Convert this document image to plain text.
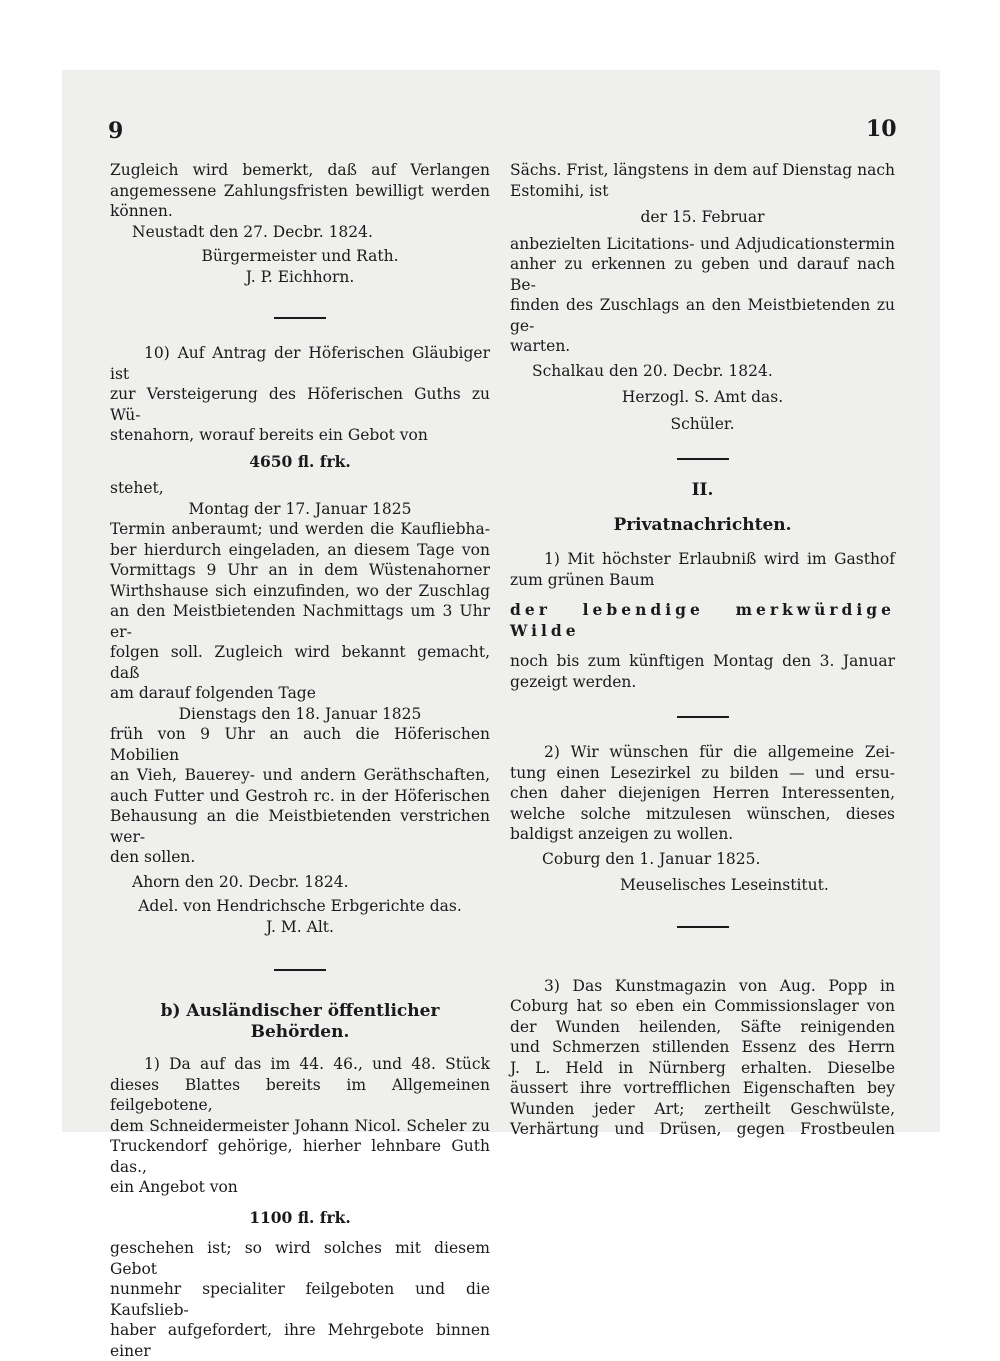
9	10
Zugleich wird bemerkt, daß auf Verlangen
angemessene Zahlungsfristen bewilligt werden
können.
Neustadt den 27. Decbr. 1824.
Bürgermeister und Rath.
J. P. Eichhorn.
10) Auf Antrag der Höferischen Gläubiger ist
zur Versteigerung des Höferischen Guths zu Wü-
stenahorn, worauf bereits ein Gebot von
4650 fl. frk.
stehet,
Montag der 17. Januar 1825
Termin anberaumt; und werden die Kaufliebha-
ber hierdurch eingeladen, an diesem Tage von
Vormittags 9 Uhr an in dem Wüstenahorner
Wirthshause sich einzufinden, wo der Zuschlag
an den Meistbietenden Nachmittags um 3 Uhr er-
folgen soll. Zugleich wird bekannt gemacht, daß
am darauf folgenden Tage
Dienstags den 18. Januar 1825
früh von 9 Uhr an auch die Höferischen Mobilien
an Vieh, Bauerey- und andern Geräthschaften,
auch Futter und Gestroh rc. in der Höferischen
Behausung an die Meistbietenden verstrichen wer-
den sollen.
Ahorn den 20. Decbr. 1824.
Adel. von Hendrichsche Erbgerichte das.
J. M. Alt.
b) Ausländischer öffentlicher Behörden.
1) Da auf das im 44. 46., und 48. Stück
dieses Blattes bereits im Allgemeinen feilgebotene,
dem Schneidermeister Johann Nicol. Scheler zu
Truckendorf gehörige, hierher lehnbare Guth das.,
ein Angebot von
1100 fl. frk.
geschehen ist; so wird solches mit diesem Gebot
nunmehr specialiter feilgeboten und die Kaufslieb-
haber aufgefordert, ihre Mehrgebote binnen einer
Sächs. Frist, längstens in dem auf Dienstag nach
Estomihi, ist
der 15. Februar
anbezielten Licitations- und Adjudicationstermin
anher zu erkennen zu geben und darauf nach Be-
finden des Zuschlags an den Meistbietenden zu ge-
warten.
Schalkau den 20. Decbr. 1824.
Herzogl. S. Amt das.
Schüler.
II.
Privatnachrichten.
1) Mit höchster Erlaubniß wird im Gasthof
zum grünen Baum
der lebendige merkwürdige Wilde
noch bis zum künftigen Montag den 3. Januar
gezeigt werden.
2) Wir wünschen für die allgemeine Zei-
tung einen Lesezirkel zu bilden — und ersu-
chen daher diejenigen Herren Interessenten,
welche solche mitzulesen wünschen, dieses
baldigst anzeigen zu wollen.
Coburg den 1. Januar 1825.
Meuselisches Leseinstitut.
3) Das Kunstmagazin von Aug. Popp in
Coburg hat so eben ein Commissionslager von
der Wunden heilenden, Säfte reinigenden
und Schmerzen stillenden Essenz des Herrn
J. L. Held in Nürnberg erhalten. Dieselbe
äussert ihre vortrefflichen Eigenschaften bey
Wunden jeder Art; zertheilt Geschwülste,
Verhärtung und Drüsen, gegen Frostbeulen
